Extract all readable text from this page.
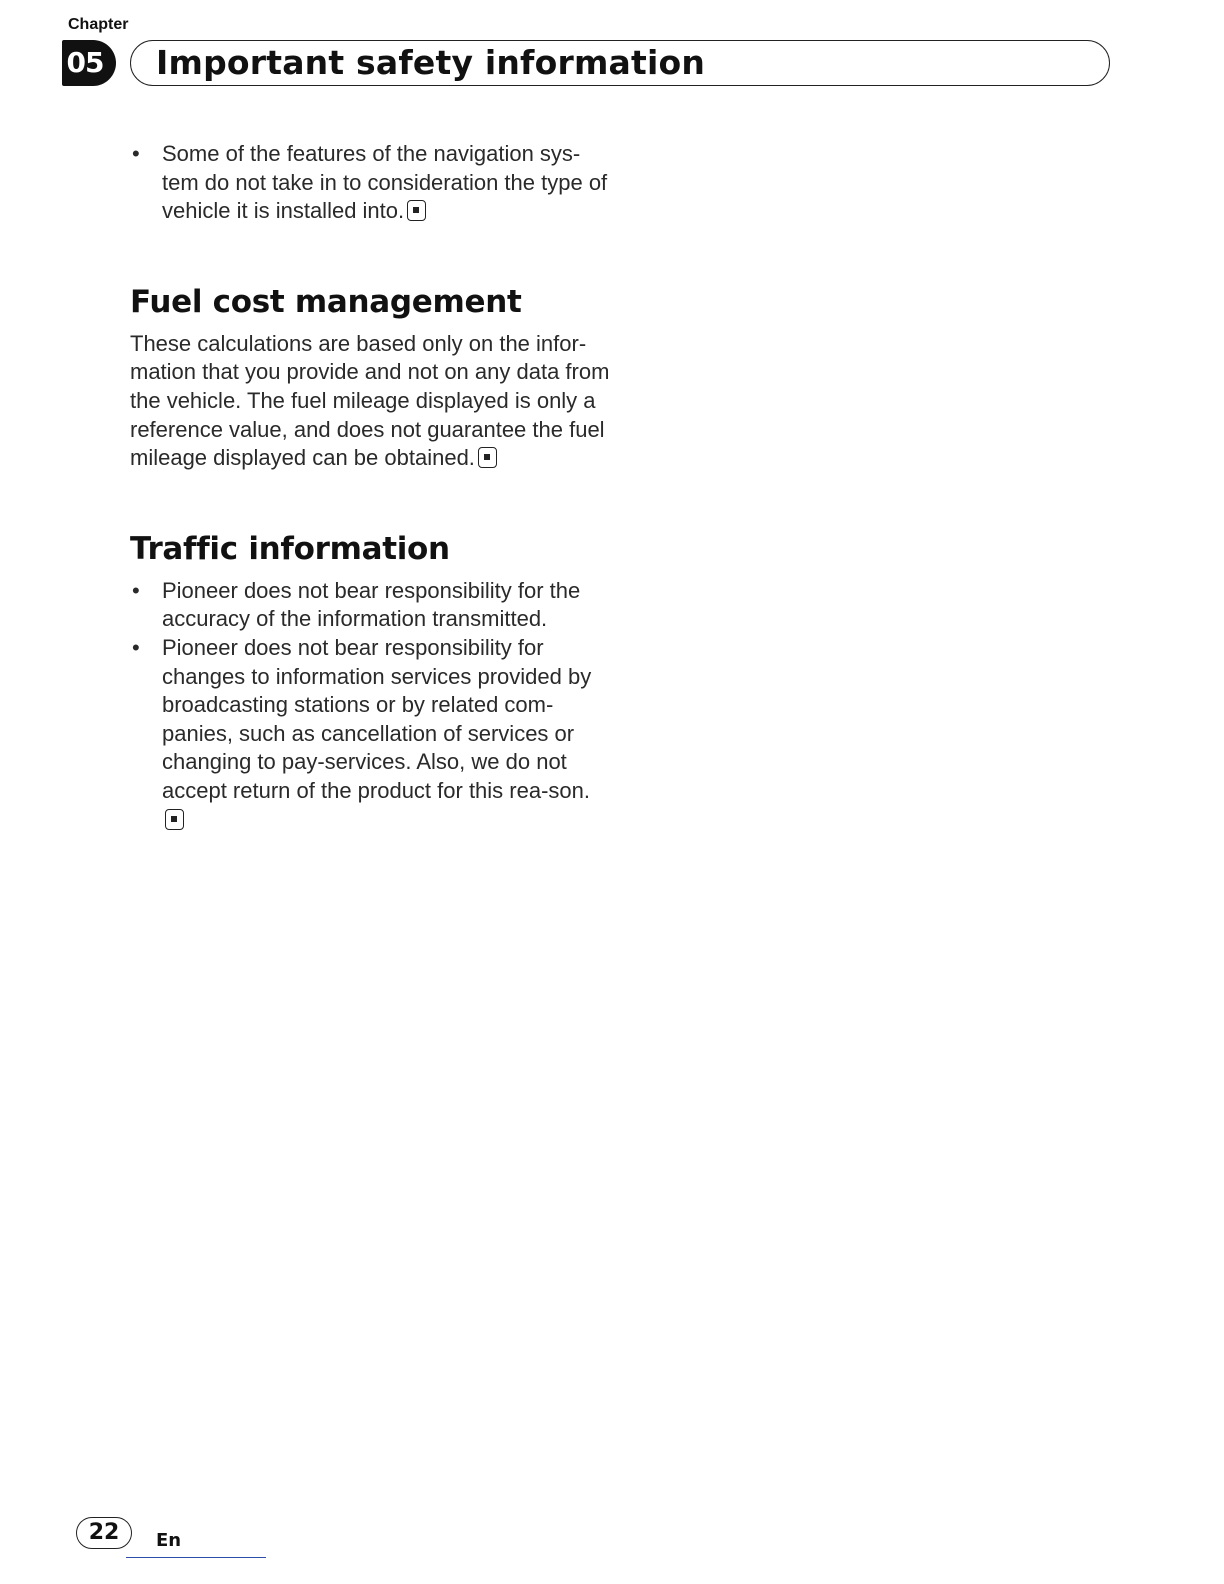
Chapter
05	Important safety information
• Some of the features of the navigation sys-tem do not take in to consideration the type of vehicle it is installed into.
Fuel cost management

These calculations are based only on the infor-mation that you provide and not on any data from the vehicle. The fuel mileage displayed is only a reference value, and does not guarantee the fuel mileage displayed can be obtained.

Traffic information
• Pioneer does not bear responsibility for the accuracy of the information transmitted.
• Pioneer does not bear responsibility for changes to information services provided by broadcasting stations or by related com-panies, such as cancellation of services or changing to pay-services. Also, we do not accept return of the product for this rea-son.
22	En
